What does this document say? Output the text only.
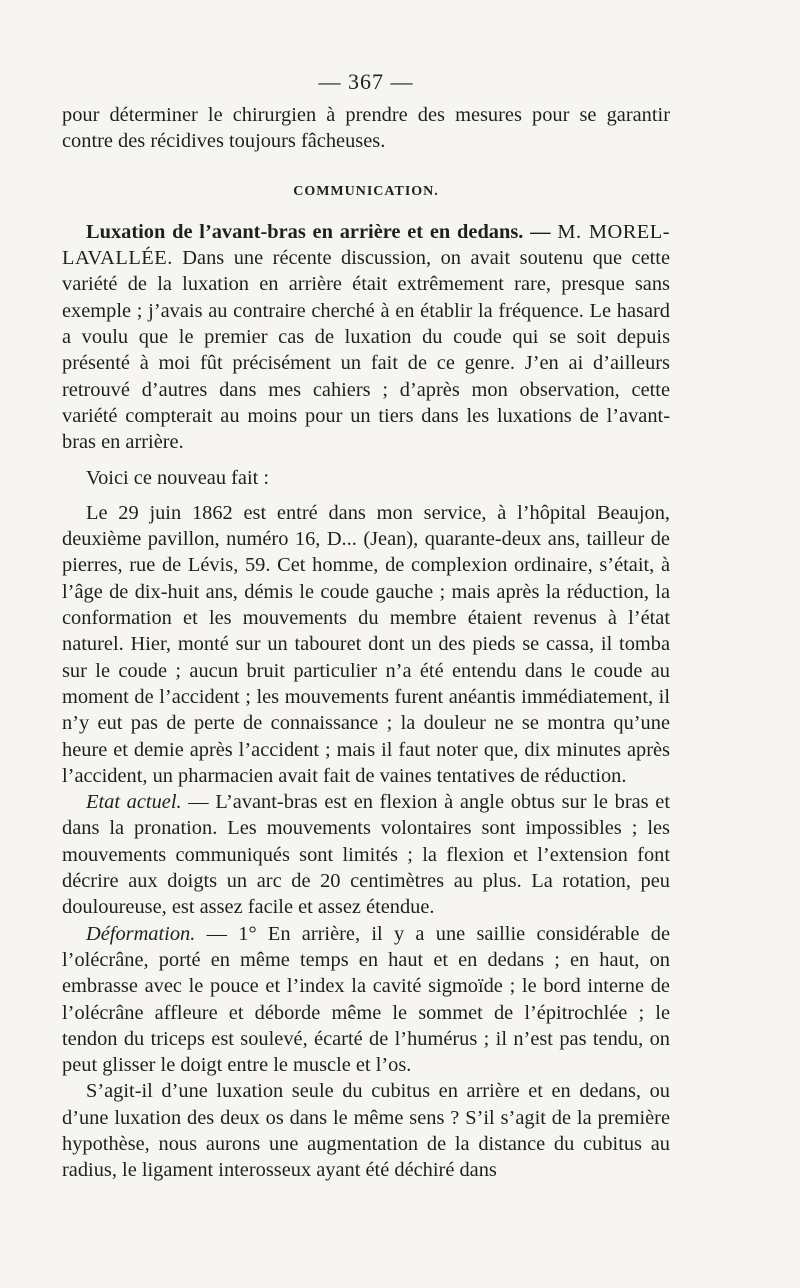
— 367 —

pour déterminer le chirurgien à prendre des mesures pour se garantir contre des récidives toujours fâcheuses.

COMMUNICATION.

Luxation de l’avant-bras en arrière et en dedans. — M. MOREL-LAVALLÉE. Dans une récente discussion, on avait soutenu que cette variété de la luxation en arrière était extrêmement rare, presque sans exemple ; j’avais au contraire cherché à en établir la fréquence. Le hasard a voulu que le premier cas de luxation du coude qui se soit depuis présenté à moi fût précisément un fait de ce genre. J’en ai d’ailleurs retrouvé d’autres dans mes cahiers ; d’après mon observation, cette variété compterait au moins pour un tiers dans les luxations de l’avant-bras en arrière.

Voici ce nouveau fait :

Le 29 juin 1862 est entré dans mon service, à l’hôpital Beaujon, deuxième pavillon, numéro 16, D... (Jean), quarante-deux ans, tailleur de pierres, rue de Lévis, 59. Cet homme, de complexion ordinaire, s’était, à l’âge de dix-huit ans, démis le coude gauche ; mais après la réduction, la conformation et les mouvements du membre étaient revenus à l’état naturel. Hier, monté sur un tabouret dont un des pieds se cassa, il tomba sur le coude ; aucun bruit particulier n’a été entendu dans le coude au moment de l’accident ; les mouvements furent anéantis immédiatement, il n’y eut pas de perte de connaissance ; la douleur ne se montra qu’une heure et demie après l’accident ; mais il faut noter que, dix minutes après l’accident, un pharmacien avait fait de vaines tentatives de réduction.

Etat actuel. — L’avant-bras est en flexion à angle obtus sur le bras et dans la pronation. Les mouvements volontaires sont impossibles ; les mouvements communiqués sont limités ; la flexion et l’extension font décrire aux doigts un arc de 20 centimètres au plus. La rotation, peu douloureuse, est assez facile et assez étendue.

Déformation. — 1° En arrière, il y a une saillie considérable de l’olécrâne, porté en même temps en haut et en dedans ; en haut, on embrasse avec le pouce et l’index la cavité sigmoïde ; le bord interne de l’olécrâne affleure et déborde même le sommet de l’épitrochlée ; le tendon du triceps est soulevé, écarté de l’humérus ; il n’est pas tendu, on peut glisser le doigt entre le muscle et l’os.

S’agit-il d’une luxation seule du cubitus en arrière et en dedans, ou d’une luxation des deux os dans le même sens ? S’il s’agit de la première hypothèse, nous aurons une augmentation de la distance du cubitus au radius, le ligament interosseux ayant été déchiré dans
